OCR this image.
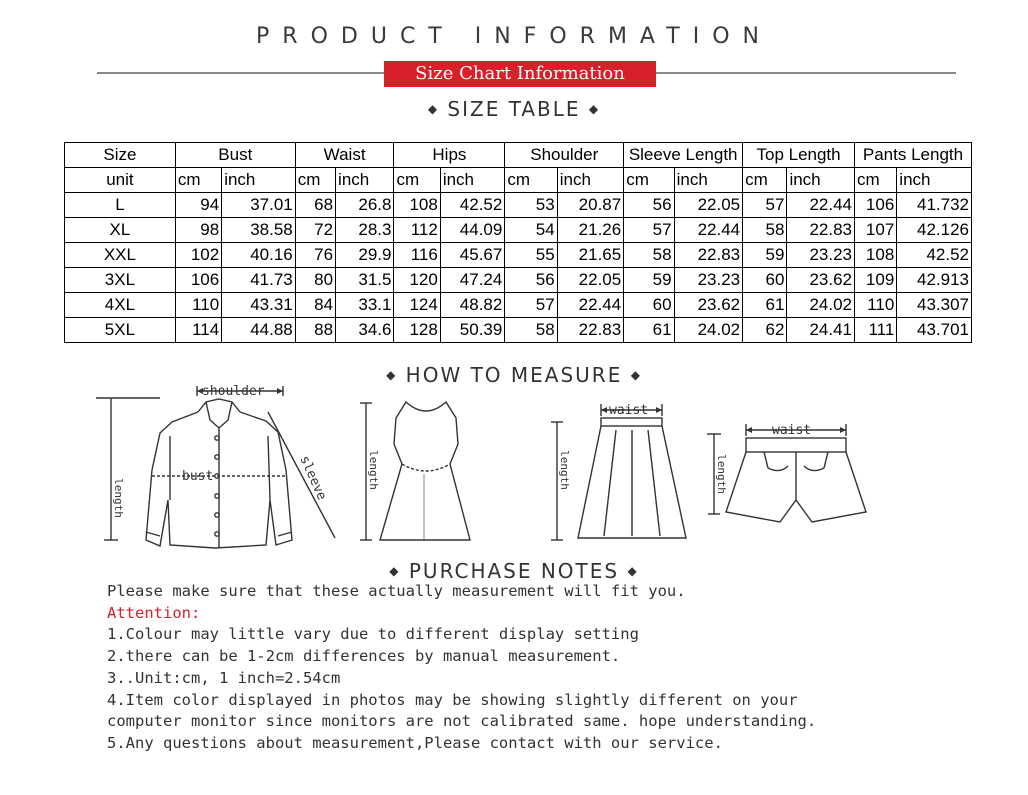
PRODUCT INFORMATION
Size Chart Information
◆ SIZE TABLE ◆
Size	Bust		Waist		Hips		Shoulder		Sleeve Length		Top Length		Pants Length	
unit	cm	inch	cm	inch	cm	inch	cm	inch	cm	inch	cm	inch	cm	inch
L	94	37.01	68	26.8	108	42.52	53	20.87	56	22.05	57	22.44	106	41.732
XL	98	38.58	72	28.3	112	44.09	54	21.26	57	22.44	58	22.83	107	42.126
XXL	102	40.16	76	29.9	116	45.67	55	21.65	58	22.83	59	23.23	108	42.52
3XL	106	41.73	80	31.5	120	47.24	56	22.05	59	23.23	60	23.62	109	42.913
4XL	110	43.31	84	33.1	124	48.82	57	22.44	60	23.62	61	24.02	110	43.307
5XL	114	44.88	88	34.6	128	50.39	58	22.83	61	24.02	62	24.41	111	43.701
◆ HOW TO MEASURE ◆
shoulder
bust	sleeve
length
length	length	length
waist
waist
◆ PURCHASE NOTES ◆
Please make sure that these actually measurement will fit you.
Attention:
1.Colour may little vary due to different display setting
2.there can be 1-2cm differences by manual measurement.
3..Unit:cm, 1 inch=2.54cm
4.Item color displayed in photos may be showing slightly different on your
computer monitor since monitors are not calibrated same. hope understanding.
5.Any questions about measurement,Please contact with our service.
